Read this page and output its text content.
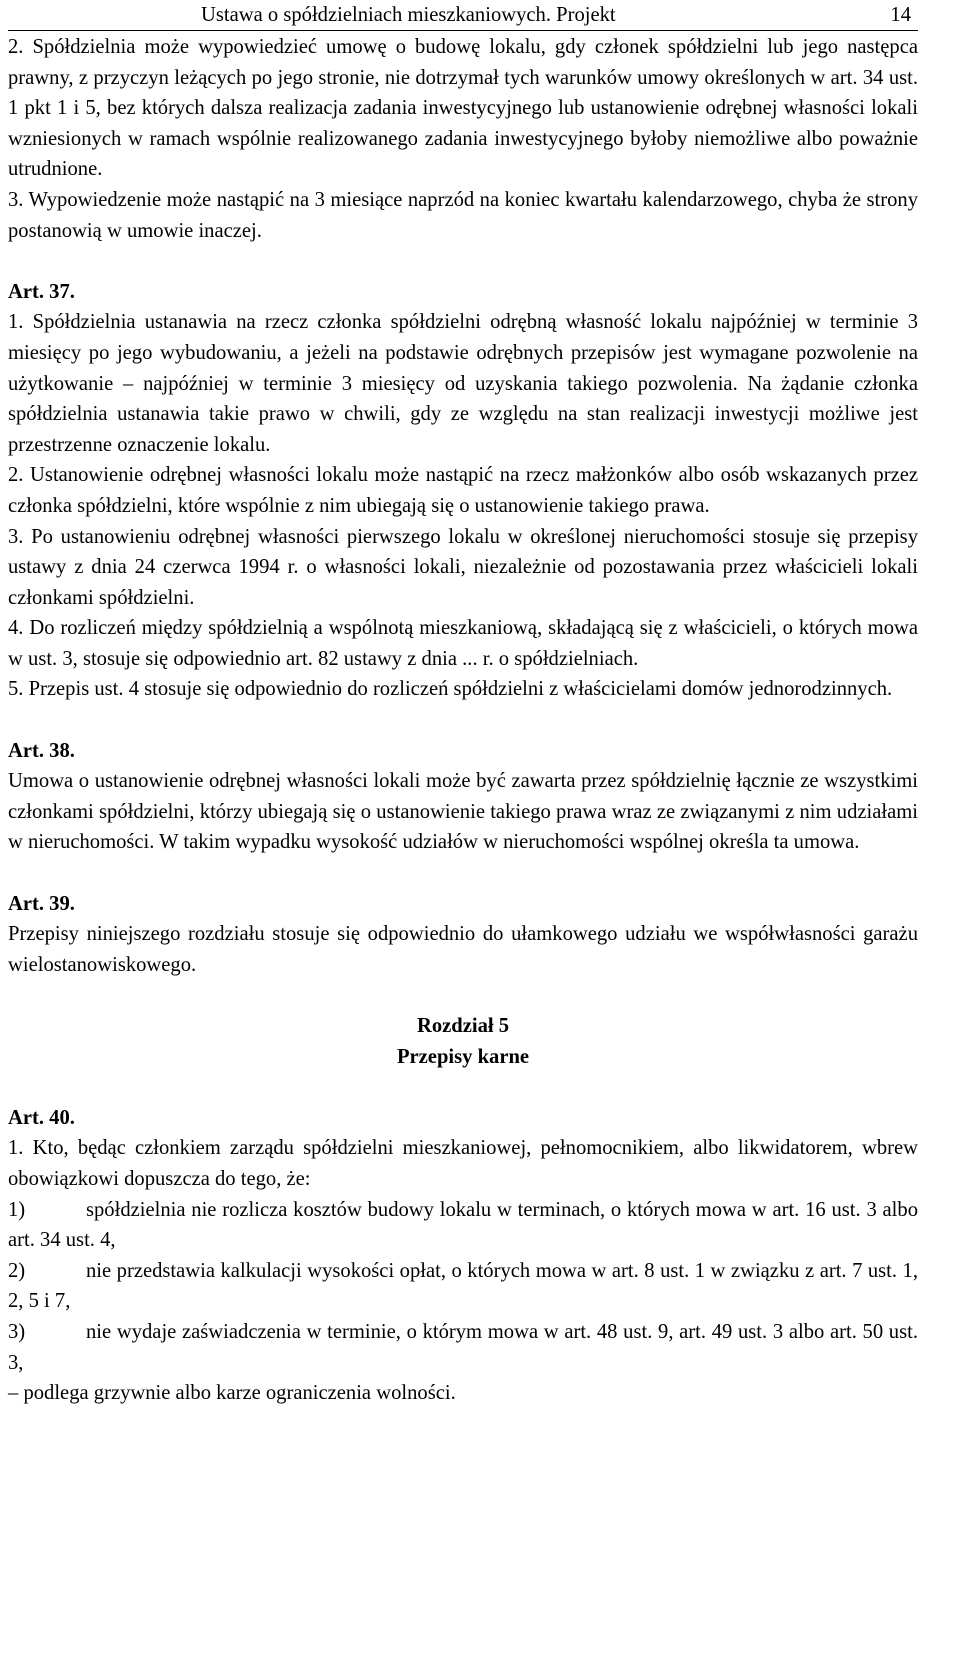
Ustawa o spółdzielniach mieszkaniowych. Projekt	14

2. Spółdzielnia może wypowiedzieć umowę o budowę lokalu, gdy członek spółdzielni lub jego następca prawny, z przyczyn leżących po jego stronie, nie dotrzymał tych warunków umowy określonych w art. 34 ust. 1 pkt 1 i 5, bez których dalsza realizacja zadania inwestycyjnego lub ustanowienie odrębnej własności lokali wzniesionych w ramach wspólnie realizowanego zadania inwestycyjnego byłoby niemożliwe albo poważnie utrudnione.

3. Wypowiedzenie może nastąpić na 3 miesiące naprzód na koniec kwartału kalendarzowego, chyba że strony postanowią w umowie inaczej.

Art. 37.

1. Spółdzielnia ustanawia na rzecz członka spółdzielni odrębną własność lokalu najpóźniej w terminie 3 miesięcy po jego wybudowaniu, a jeżeli na podstawie odrębnych przepisów jest wymagane pozwolenie na użytkowanie – najpóźniej w terminie 3 miesięcy od uzyskania takiego pozwolenia. Na żądanie członka spółdzielnia ustanawia takie prawo w chwili, gdy ze względu na stan realizacji inwestycji możliwe jest przestrzenne oznaczenie lokalu.

2. Ustanowienie odrębnej własności lokalu może nastąpić na rzecz małżonków albo osób wskazanych przez członka spółdzielni, które wspólnie z nim ubiegają się o ustanowienie takiego prawa.

3. Po ustanowieniu odrębnej własności pierwszego lokalu w określonej nieruchomości stosuje się przepisy ustawy z dnia 24 czerwca 1994 r. o własności lokali, niezależnie od pozostawania przez właścicieli lokali członkami spółdzielni.

4. Do rozliczeń między spółdzielnią a wspólnotą mieszkaniową, składającą się z właścicieli, o których mowa w ust. 3, stosuje się odpowiednio art. 82 ustawy z dnia ... r. o spółdzielniach.

5. Przepis ust. 4 stosuje się odpowiednio do rozliczeń spółdzielni z właścicielami domów jednorodzinnych.

Art. 38.

Umowa o ustanowienie odrębnej własności lokali może być zawarta przez spółdzielnię łącznie ze wszystkimi członkami spółdzielni, którzy ubiegają się o ustanowienie takiego prawa wraz ze związanymi z nim udziałami w nieruchomości. W takim wypadku wysokość udziałów w nieruchomości wspólnej określa ta umowa.

Art. 39.

Przepisy niniejszego rozdziału stosuje się odpowiednio do ułamkowego udziału we współwłasności garażu wielostanowiskowego.

Rozdział 5

Przepisy karne

Art. 40.

1. Kto, będąc członkiem zarządu spółdzielni mieszkaniowej, pełnomocnikiem, albo likwidatorem, wbrew obowiązkowi dopuszcza do tego, że:

1)	spółdzielnia nie rozlicza kosztów budowy lokalu w terminach, o których mowa w art. 16 ust. 3 albo art. 34 ust. 4,

2)	nie przedstawia kalkulacji wysokości opłat, o których mowa w art. 8 ust. 1 w związku z art. 7 ust. 1, 2, 5 i 7,

3)	nie wydaje zaświadczenia w terminie, o którym mowa w art. 48 ust. 9, art. 49 ust. 3 albo art. 50 ust. 3,

– podlega grzywnie albo karze ograniczenia wolności.
